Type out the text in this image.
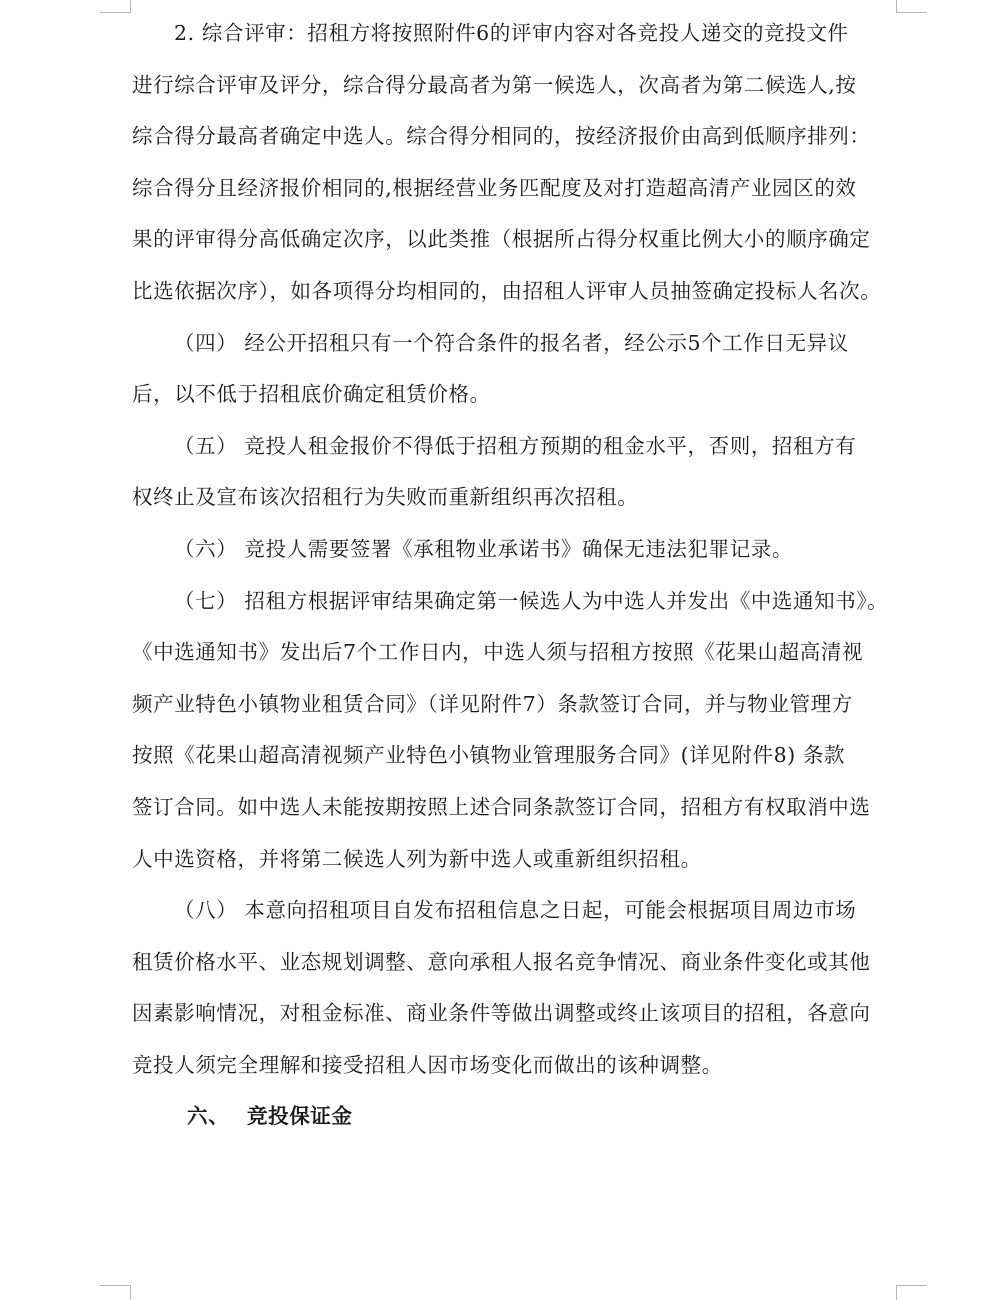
2. 综合评审：招租方将按照附件6的评审内容对各竞投人递交的竞投文件
进行综合评审及评分，综合得分最高者为第一候选人，次高者为第二候选人,按
综合得分最高者确定中选人。综合得分相同的，按经济报价由高到低顺序排列：
综合得分且经济报价相同的,根据经营业务匹配度及对打造超高清产业园区的效
果的评审得分高低确定次序，以此类推（根据所占得分权重比例大小的顺序确定
比选依据次序），如各项得分均相同的，由招租人评审人员抽签确定投标人名次。
（四） 经公开招租只有一个符合条件的报名者，经公示5个工作日无异议
后，以不低于招租底价确定租赁价格。
（五） 竞投人租金报价不得低于招租方预期的租金水平，否则，招租方有
权终止及宣布该次招租行为失败而重新组织再次招租。
（六） 竞投人需要签署《承租物业承诺书》确保无违法犯罪记录。
（七） 招租方根据评审结果确定第一候选人为中选人并发出《中选通知书》。
《中选通知书》发出后7个工作日内，中选人须与招租方按照《花果山超高清视
频产业特色小镇物业租赁合同》（详见附件7）条款签订合同，并与物业管理方
按照《花果山超高清视频产业特色小镇物业管理服务合同》(详见附件8) 条款
签订合同。如中选人未能按期按照上述合同条款签订合同，招租方有权取消中选
人中选资格，并将第二候选人列为新中选人或重新组织招租。
（八） 本意向招租项目自发布招租信息之日起，可能会根据项目周边市场
租赁价格水平、业态规划调整、意向承租人报名竞争情况、商业条件变化或其他
因素影响情况，对租金标准、商业条件等做出调整或终止该项目的招租，各意向
竞投人须完全理解和接受招租人因市场变化而做出的该种调整。
六、 竞投保证金
